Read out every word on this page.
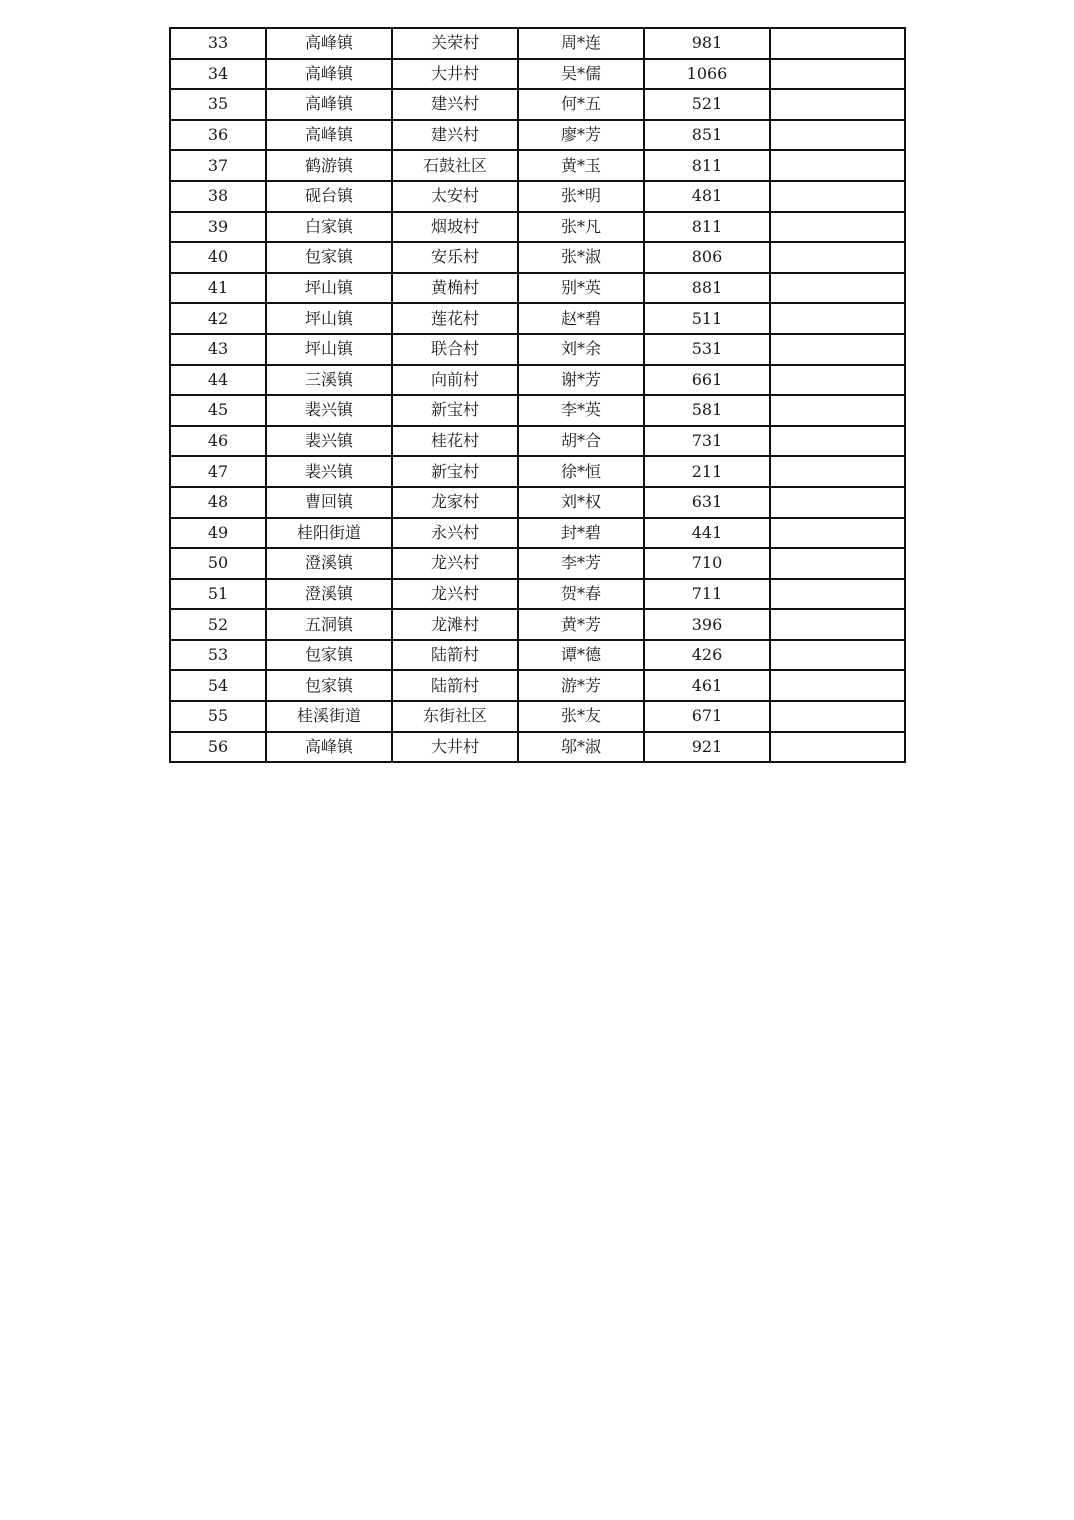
33	高峰镇	关荣村	周*连	981	
34	高峰镇	大井村	吴*儒	1066	
35	高峰镇	建兴村	何*五	521	
36	高峰镇	建兴村	廖*芳	851	
37	鹤游镇	石鼓社区	黄*玉	811	
38	砚台镇	太安村	张*明	481	
39	白家镇	烟坡村	张*凡	811	
40	包家镇	安乐村	张*淑	806	
41	坪山镇	黄桷村	别*英	881	
42	坪山镇	莲花村	赵*碧	511	
43	坪山镇	联合村	刘*余	531	
44	三溪镇	向前村	谢*芳	661	
45	裴兴镇	新宝村	李*英	581	
46	裴兴镇	桂花村	胡*合	731	
47	裴兴镇	新宝村	徐*恒	211	
48	曹回镇	龙家村	刘*权	631	
49	桂阳街道	永兴村	封*碧	441	
50	澄溪镇	龙兴村	李*芳	710	
51	澄溪镇	龙兴村	贺*春	711	
52	五洞镇	龙滩村	黄*芳	396	
53	包家镇	陆箭村	谭*德	426	
54	包家镇	陆箭村	游*芳	461	
55	桂溪街道	东街社区	张*友	671	
56	高峰镇	大井村	邬*淑	921	
